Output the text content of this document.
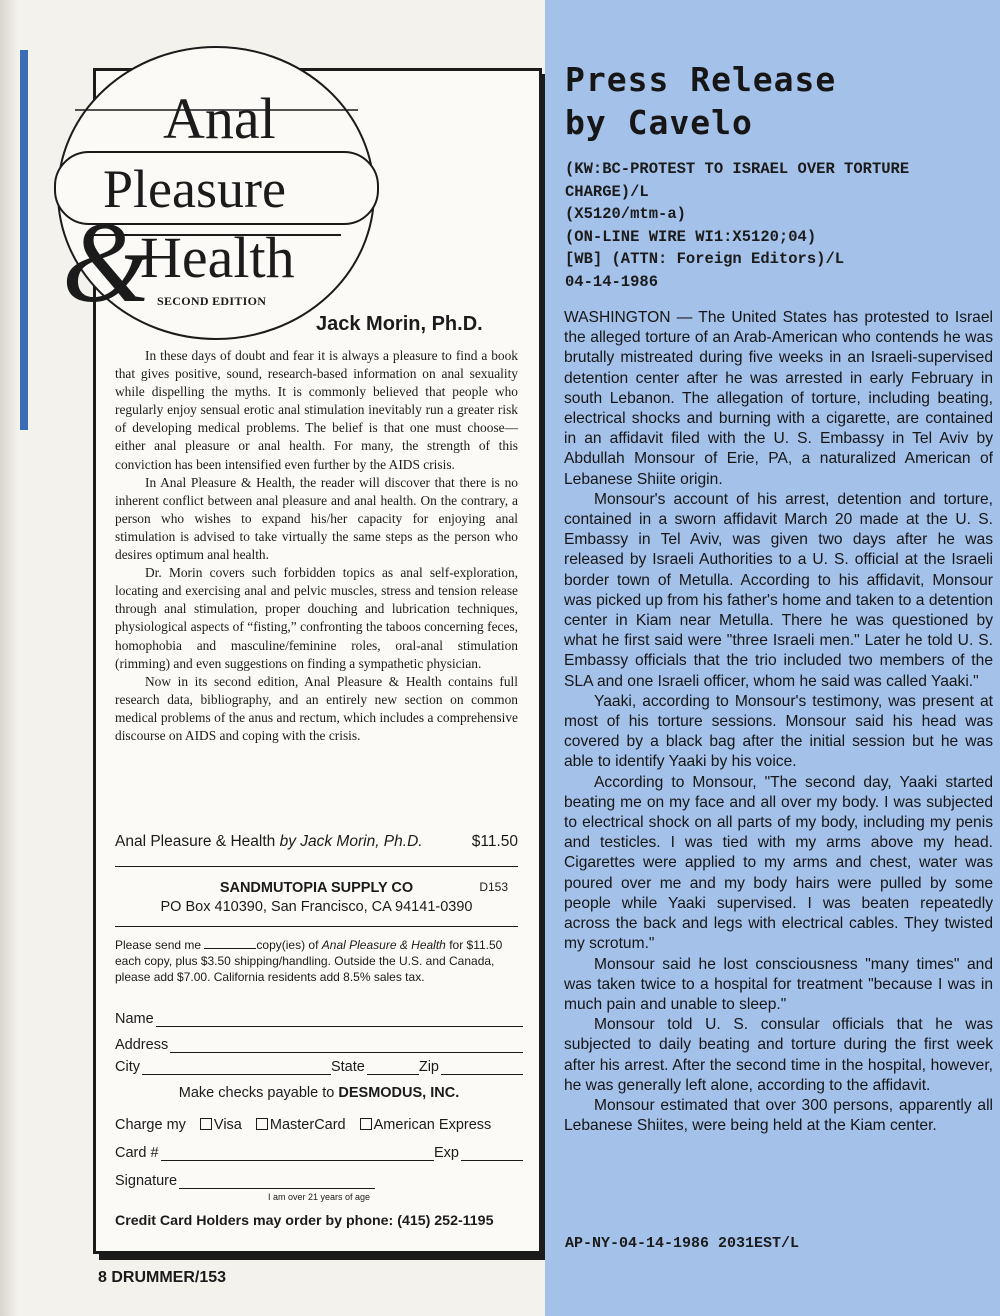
Anal
Pleasure
&
Health
SECOND EDITION
Jack Morin, Ph.D.

In these days of doubt and fear it is always a pleasure to find a book that gives positive, sound, research-based information on anal sexuality while dispelling the myths. It is commonly believed that people who regularly enjoy sensual erotic anal stimulation inevitably run a greater risk of developing medical problems. The belief is that one must choose—either anal pleasure or anal health. For many, the strength of this conviction has been intensified even further by the AIDS crisis.

In Anal Pleasure & Health, the reader will discover that there is no inherent conflict between anal pleasure and anal health. On the contrary, a person who wishes to expand his/her capacity for enjoying anal stimulation is advised to take virtually the same steps as the person who desires optimum anal health.

Dr. Morin covers such forbidden topics as anal self-exploration, locating and exercising anal and pelvic muscles, stress and tension release through anal stimulation, proper douching and lubrication techniques, physiological aspects of “fisting,” confronting the taboos concerning feces, homophobia and masculine/feminine roles, oral-anal stimulation (rimming) and even suggestions on finding a sympathetic physician.

Now in its second edition, Anal Pleasure & Health contains full research data, bibliography, and an entirely new section on common medical problems of the anus and rectum, which includes a comprehensive discourse on AIDS and coping with the crisis.

Anal Pleasure & Health by Jack Morin, Ph.D.	$11.50
SANDMUTOPIA SUPPLY CO	D153
PO Box 410390, San Francisco, CA 94141-0390
Please send me	copy(ies) of Anal Pleasure & Health for $11.50 each copy, plus $3.50 shipping/handling. Outside the U.S. and Canada, please add $7.00. California residents add 8.5% sales tax.
Name
Address
City	State	Zip
Make checks payable to DESMODUS, INC.
Charge my	Visa	MasterCard	American Express
Card #	Exp
Signature
I am over 21 years of age
Credit Card Holders may order by phone: (415) 252-1195
8 DRUMMER/153
Press Release
by Cavelo
(KW:BC-PROTEST TO ISRAEL OVER TORTURE
CHARGE)/L
(X5120/mtm-a)
(ON-LINE WIRE WI1:X5120;04)
[WB] (ATTN: Foreign Editors)/L
04-14-1986

WASHINGTON — The United States has protested to Israel the alleged torture of an Arab-American who contends he was brutally mistreated during five weeks in an Israeli-supervised detention center after he was arrested in early February in south Lebanon. The allegation of torture, including beating, electrical shocks and burning with a cigarette, are contained in an affidavit filed with the U. S. Embassy in Tel Aviv by Abdullah Monsour of Erie, PA, a naturalized American of Lebanese Shiite origin.

Monsour's account of his arrest, detention and torture, contained in a sworn affidavit March 20 made at the U. S. Embassy in Tel Aviv, was given two days after he was released by Israeli Authorities to a U. S. official at the Israeli border town of Metulla. According to his affidavit, Monsour was picked up from his father's home and taken to a detention center in Kiam near Metulla. There he was questioned by what he first said were "three Israeli men." Later he told U. S. Embassy officials that the trio included two members of the SLA and one Israeli officer, whom he said was called Yaaki."

Yaaki, according to Monsour's testimony, was present at most of his torture sessions. Monsour said his head was covered by a black bag after the initial session but he was able to identify Yaaki by his voice.

According to Monsour, "The second day, Yaaki started beating me on my face and all over my body. I was subjected to electrical shock on all parts of my body, including my penis and testicles. I was tied with my arms above my head. Cigarettes were applied to my arms and chest, water was poured over me and my body hairs were pulled by some people while Yaaki supervised. I was beaten repeatedly across the back and legs with electrical cables. They twisted my scrotum."

Monsour said he lost consciousness "many times" and was taken twice to a hospital for treatment "because I was in much pain and unable to sleep."

Monsour told U. S. consular officials that he was subjected to daily beating and torture during the first week after his arrest. After the second time in the hospital, however, he was generally left alone, according to the affidavit.

Monsour estimated that over 300 persons, apparently all Lebanese Shiites, were being held at the Kiam center.

AP-NY-04-14-1986 2031EST/L
